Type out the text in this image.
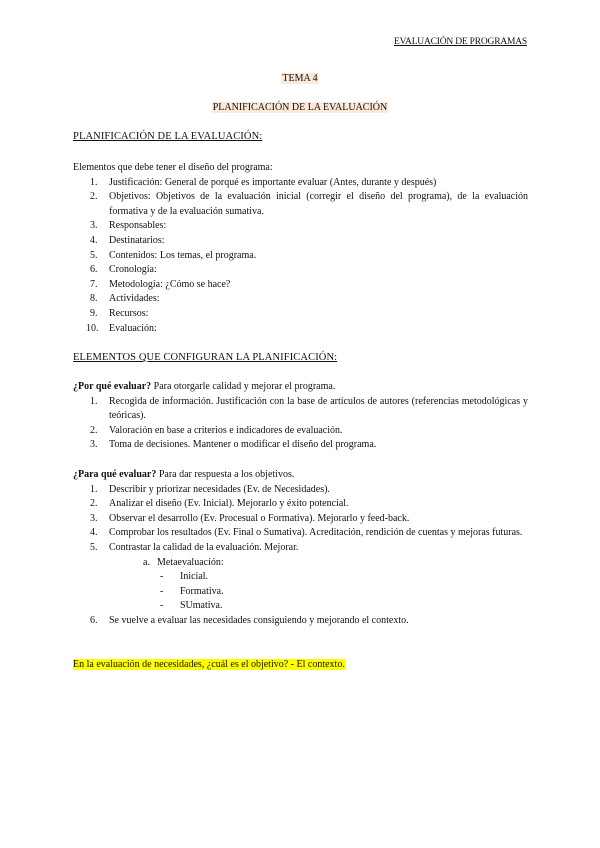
EVALUACIÓN DE PROGRAMAS
TEMA 4
PLANIFICACIÓN DE LA EVALUACIÓN
PLANIFICACIÓN DE LA EVALUACIÓN:
Elementos que debe tener el diseño del programa:
1. Justificación: General de porqué es importante evaluar (Antes, durante y después)
2. Objetivos: Objetivos de la evaluación inicial (corregir el diseño del programa), de la evaluación formativa y de la evaluación sumativa.
3. Responsables:
4. Destinatarios:
5. Contenidos: Los temas, el programa.
6. Cronología:
7. Metodología: ¿Cómo se hace?
8. Actividades:
9. Recursos:
10. Evaluación:
ELEMENTOS QUE CONFIGURAN LA PLANIFICACIÓN:
¿Por qué evaluar? Para otorgarle calidad y mejorar el programa.
1. Recogida de información. Justificación con la base de artículos de autores (referencias metodológicas y teóricas).
2. Valoración en base a criterios e indicadores de evaluación.
3. Toma de decisiones. Mantener o modificar el diseño del programa.
¿Para qué evaluar? Para dar respuesta a los objetivos.
1. Describir y priorizar necesidades (Ev. de Necesidades).
2. Analizar el diseño (Ev. Inicial). Mejorarlo y éxito potencial.
3. Observar el desarrollo (Ev. Procesual o Formativa). Mejorarlo y feed-back.
4. Comprobar los resultados (Ev. Final o Sumativa). Acreditación, rendición de cuentas y mejoras futuras.
5. Contrastar la calidad de la evaluación. Mejorar.
a. Metaevaluación:
- Inicial.
- Formativa.
- SUmativa.
6. Se vuelve a evaluar las necesidades consiguiendo y mejorando el contexto.
En la evaluación de necesidades, ¿cuál es el objetivo? - El contexto.
